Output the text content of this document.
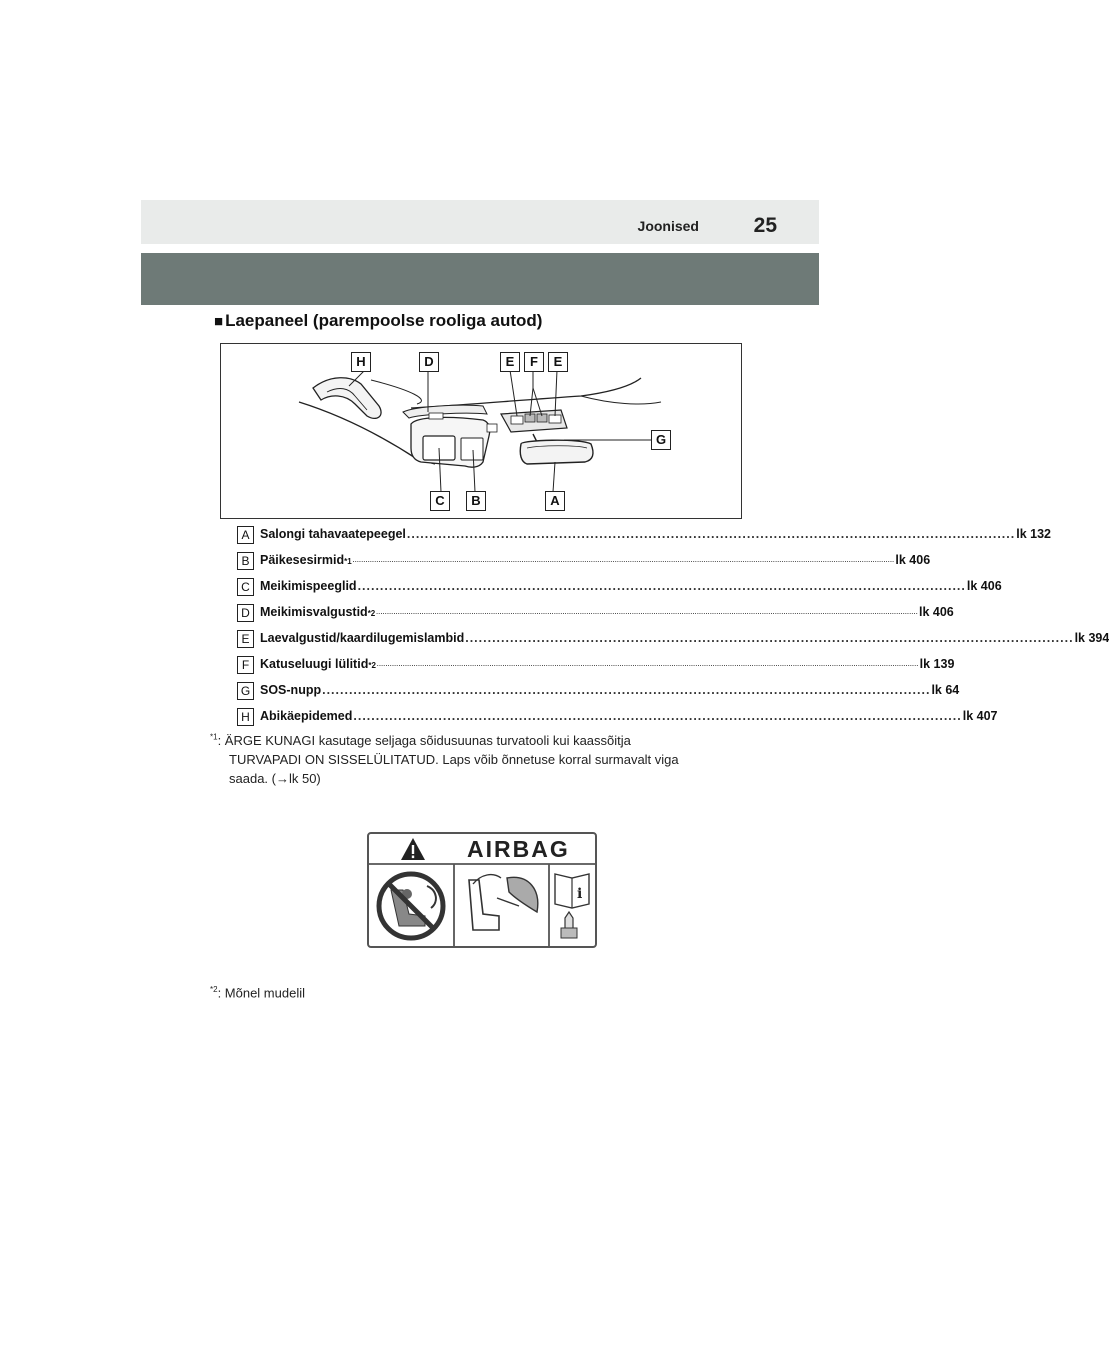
Joonised	25
■ Laepaneel (parempoolse rooliga autod)
H	D	E	F	E
G
C	B	A
A Salongi tahavaatepeegel ........................................................................................................................................ lk 132
B Päikesesirmid *1 .......................................................................................................................................................................................................................................................... lk 406
C Meikimispeeglid ........................................................................................................................................ lk 406
D Meikimisvalgustid *2 .......................................................................................................................................................................................................................................................... lk 406
E Laevalgustid/kaardilugemislambid ........................................................................................................................................ lk 394
F Katuseluugi lülitid *2 .......................................................................................................................................................................................................................................................... lk 139
G SOS-nupp ........................................................................................................................................ lk 64
H Abikäepidemed ........................................................................................................................................ lk 407
$^{*1}$: ÄRGE KUNAGI kasutage seljaga sõidusuunas turvatooli kui kaassõitja
TURVAPADI ON SISSELÜLITATUD. Laps võib õnnetuse korral surmavalt viga
saada. (→lk 50)
i
AIRBAG
$^{*2}$: Mõnel mudelil
